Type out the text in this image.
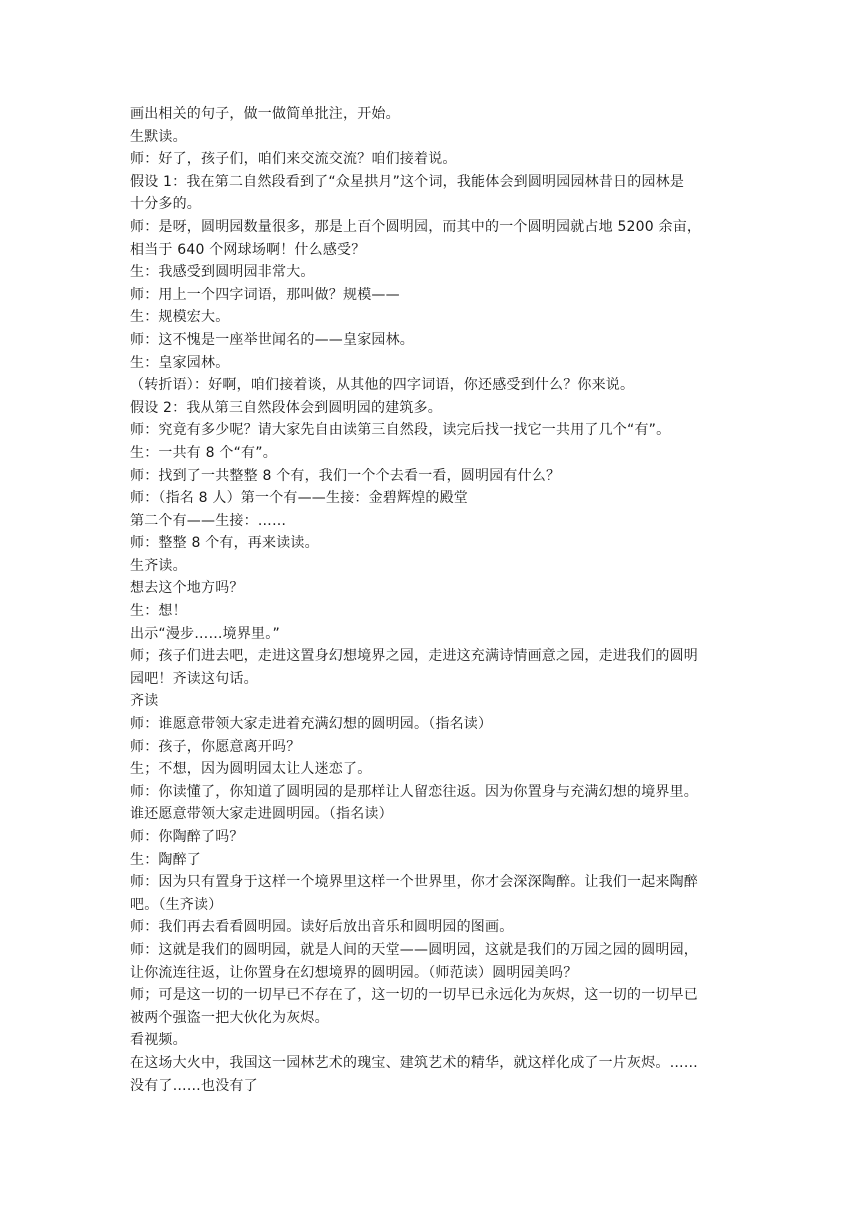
画出相关的句子，做一做简单批注，开始。

生默读。

师：好了，孩子们，咱们来交流交流？咱们接着说。

假设 1：我在第二自然段看到了“众星拱月”这个词，我能体会到圆明园园林昔日的园林是

十分多的。

师：是呀，圆明园数量很多，那是上百个圆明园，而其中的一个圆明园就占地 5200 余亩，

相当于 640 个网球场啊！什么感受？

生：我感受到圆明园非常大。

师：用上一个四字词语，那叫做？规模——

生：规模宏大。

师：这不愧是一座举世闻名的——皇家园林。

生：皇家园林。

（转折语）：好啊，咱们接着谈，从其他的四字词语，你还感受到什么？你来说。

假设 2：我从第三自然段体会到圆明园的建筑多。

师：究竟有多少呢？请大家先自由读第三自然段，读完后找一找它一共用了几个“有”。

生：一共有 8 个“有”。

师：找到了一共整整 8 个有，我们一个个去看一看，圆明园有什么？

师：（指名 8 人）第一个有——生接：金碧辉煌的殿堂

第二个有——生接：……

师：整整 8 个有，再来读读。

生齐读。

想去这个地方吗？

生：想！

出示“漫步……境界里。”

师；孩子们进去吧，走进这置身幻想境界之园，走进这充满诗情画意之园，走进我们的圆明

园吧！齐读这句话。

齐读

师：谁愿意带领大家走进着充满幻想的圆明园。（指名读）

师：孩子，你愿意离开吗？

生；不想，因为圆明园太让人迷恋了。

师：你读懂了，你知道了圆明园的是那样让人留恋往返。因为你置身与充满幻想的境界里。

谁还愿意带领大家走进圆明园。（指名读）

师：你陶醉了吗？

生：陶醉了

师：因为只有置身于这样一个境界里这样一个世界里，你才会深深陶醉。让我们一起来陶醉

吧。（生齐读）

师：我们再去看看圆明园。读好后放出音乐和圆明园的图画。

师：这就是我们的圆明园，就是人间的天堂——圆明园，这就是我们的万园之园的圆明园，

让你流连往返，让你置身在幻想境界的圆明园。（师范读）圆明园美吗？

师；可是这一切的一切早已不存在了，这一切的一切早已永远化为灰烬，这一切的一切早已

被两个强盗一把大伙化为灰烬。

看视频。

在这场大火中，我国这一园林艺术的瑰宝、建筑艺术的精华，就这样化成了一片灰烬。……

没有了……也没有了
